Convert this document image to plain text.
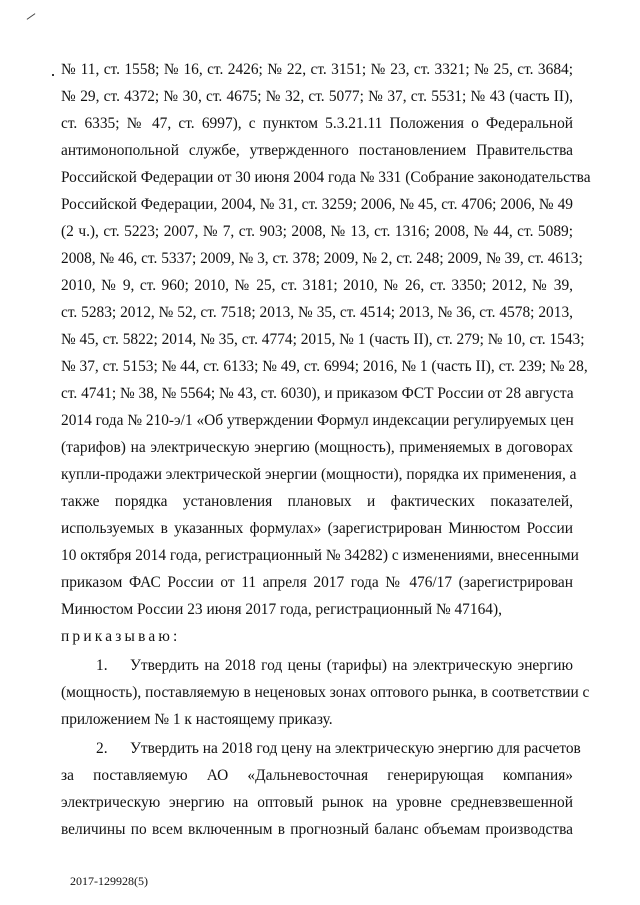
№ 11, ст. 1558; № 16, ст. 2426; № 22, ст. 3151; № 23, ст. 3321; № 25, ст. 3684;
№ 29, ст. 4372; № 30, ст. 4675; № 32, ст. 5077; № 37, ст. 5531; № 43 (часть II),
ст. 6335; № 47, ст. 6997), с пунктом 5.3.21.11 Положения о Федеральной
антимонопольной службе, утвержденного постановлением Правительства
Российской Федерации от 30 июня 2004 года № 331 (Собрание законодательства
Российской Федерации, 2004, № 31, ст. 3259; 2006, № 45, ст. 4706; 2006, № 49
(2 ч.), ст. 5223; 2007, № 7, ст. 903; 2008, № 13, ст. 1316; 2008, № 44, ст. 5089;
2008, № 46, ст. 5337; 2009, № 3, ст. 378; 2009, № 2, ст. 248; 2009, № 39, ст. 4613;
2010, № 9, ст. 960; 2010, № 25, ст. 3181; 2010, № 26, ст. 3350; 2012, № 39,
ст. 5283; 2012, № 52, ст. 7518; 2013, № 35, ст. 4514; 2013, № 36, ст. 4578; 2013,
№ 45, ст. 5822; 2014, № 35, ст. 4774; 2015, № 1 (часть II), ст. 279; № 10, ст. 1543;
№ 37, ст. 5153; № 44, ст. 6133; № 49, ст. 6994; 2016, № 1 (часть II), ст. 239; № 28,
ст. 4741; № 38, № 5564; № 43, ст. 6030), и приказом ФСТ России от 28 августа
2014 года № 210-э/1 «Об утверждении Формул индексации регулируемых цен
(тарифов) на электрическую энергию (мощность), применяемых в договорах
купли-продажи электрической энергии (мощности), порядка их применения, а
также порядка установления плановых и фактических показателей,
используемых в указанных формулах» (зарегистрирован Минюстом России
10 октября 2014 года, регистрационный № 34282) с изменениями, внесенными
приказом ФАС России от 11 апреля 2017 года № 476/17 (зарегистрирован
Минюстом России 23 июня 2017 года, регистрационный № 47164),
приказываю:
1.	Утвердить на 2018 год цены (тарифы) на электрическую энергию
(мощность), поставляемую в неценовых зонах оптового рынка, в соответствии с
приложением № 1 к настоящему приказу.
2.	Утвердить на 2018 год цену на электрическую энергию для расчетов
за поставляемую АО «Дальневосточная генерирующая компания»
электрическую энергию на оптовый рынок на уровне средневзвешенной
величины по всем включенным в прогнозный баланс объемам производства
2017-129928(5)
